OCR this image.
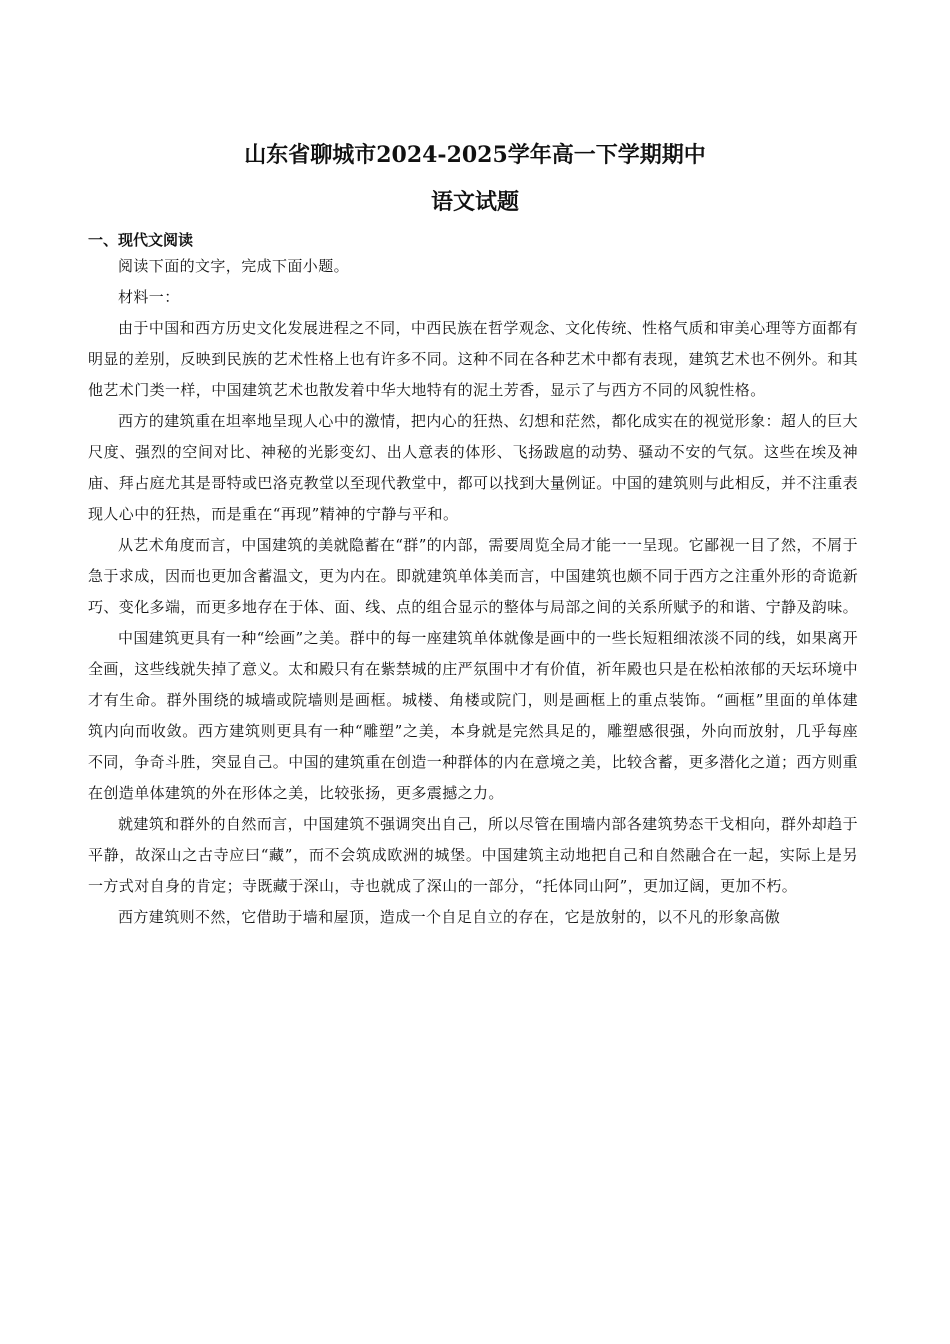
山东省聊城市2024-2025学年高一下学期期中
语文试题
一、现代文阅读

阅读下面的文字，完成下面小题。

材料一：

由于中国和西方历史文化发展进程之不同，中西民族在哲学观念、文化传统、性格气质和审美心理等方面都有明显的差别，反映到民族的艺术性格上也有许多不同。这种不同在各种艺术中都有表现，建筑艺术也不例外。和其他艺术门类一样，中国建筑艺术也散发着中华大地特有的泥土芳香，显示了与西方不同的风貌性格。

西方的建筑重在坦率地呈现人心中的激情，把内心的狂热、幻想和茫然，都化成实在的视觉形象：超人的巨大尺度、强烈的空间对比、神秘的光影变幻、出人意表的体形、飞扬跋扈的动势、骚动不安的气氛。这些在埃及神庙、拜占庭尤其是哥特或巴洛克教堂以至现代教堂中，都可以找到大量例证。中国的建筑则与此相反，并不注重表现人心中的狂热，而是重在“再现”精神的宁静与平和。

从艺术角度而言，中国建筑的美就隐蓄在“群”的内部，需要周览全局才能一一呈现。它鄙视一目了然，不屑于急于求成，因而也更加含蓄温文，更为内在。即就建筑单体美而言，中国建筑也颇不同于西方之注重外形的奇诡新巧、变化多端，而更多地存在于体、面、线、点的组合显示的整体与局部之间的关系所赋予的和谐、宁静及韵味。

中国建筑更具有一种“绘画”之美。群中的每一座建筑单体就像是画中的一些长短粗细浓淡不同的线，如果离开全画，这些线就失掉了意义。太和殿只有在紫禁城的庄严氛围中才有价值，祈年殿也只是在松柏浓郁的天坛环境中才有生命。群外围绕的城墙或院墙则是画框。城楼、角楼或院门，则是画框上的重点装饰。“画框”里面的单体建筑内向而收敛。西方建筑则更具有一种“雕塑”之美，本身就是完然具足的，雕塑感很强，外向而放射，几乎每座不同，争奇斗胜，突显自己。中国的建筑重在创造一种群体的内在意境之美，比较含蓄，更多潜化之道；西方则重在创造单体建筑的外在形体之美，比较张扬，更多震撼之力。

就建筑和群外的自然而言，中国建筑不强调突出自己，所以尽管在围墙内部各建筑势态干戈相向，群外却趋于平静，故深山之古寺应曰“藏”，而不会筑成欧洲的城堡。中国建筑主动地把自己和自然融合在一起，实际上是另一方式对自身的肯定；寺既藏于深山，寺也就成了深山的一部分，“托体同山阿”，更加辽阔，更加不朽。

西方建筑则不然，它借助于墙和屋顶，造成一个自足自立的存在，它是放射的，以不凡的形象高傲
